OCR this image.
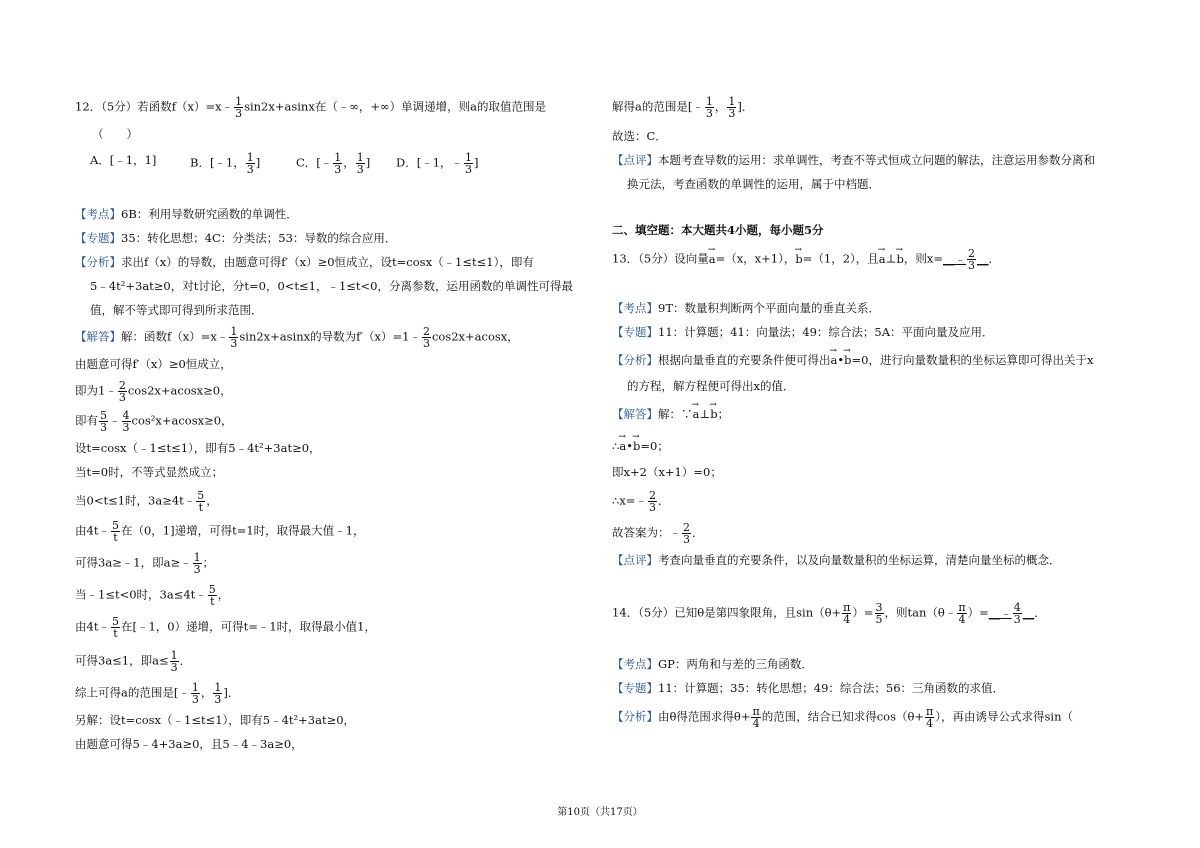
12．（5分）若函数f（x）=x﹣ $\frac{1}{3} \sin 2x+asinx$在（﹣∞，+∞）单调递增，则a的取值范围是
（　　）
A．[﹣1，1]	B．[﹣1， $\frac{1}{3}$ ]	C．[﹣ $\frac{1}{3}$ ， $\frac{1}{3}$ ] D．[﹣1，﹣ $\frac{1}{3}$ ]
【考点】6B：利用导数研究函数的单调性．
【专题】35：转化思想；4C：分类法；53：导数的综合应用．
【分析】求出f（x）的导数，由题意可得f′（x）≥0恒成立，设t=cosx（﹣1≤t≤1），即有
5﹣4t²+3at≥0，对t讨论，分t=0，0<t≤1，﹣1≤t<0，分离参数，运用函数的单调性可得最
值，解不等式即可得到所求范围．
【解答】解：函数f（x）=x﹣ $\frac{1}{3} \sin 2x+asinx$的导数为f′（x）=1﹣ $\frac{2}{3} \cos 2x+acosx$，
由题意可得f′（x）≥0恒成立，
即为1﹣ $\frac{2}{3} \cos 2x+acosx\ge 0$，
即有 $\frac{5}{3}$ ﹣ $\frac{4}{3} \cos^2x+acosx\ge 0$，
设t=cosx（﹣1≤t≤1），即有5﹣4t²+3at≥0，
当t=0时，不等式显然成立；
当0<t≤1时，3a≥4t﹣ $\frac{5}{t}$ ，
由4t﹣ $\frac{5}{t}$ 在（0，1]递增，可得t=1时，取得最大值﹣1，
可得3a≥﹣1，即a≥﹣ $\frac{1}{3}$ ；
当﹣1≤t<0时，3a≤4t﹣ $\frac{5}{t}$ ，
由4t﹣ $\frac{5}{t}$ 在[﹣1，0）递增，可得t=﹣1时，取得最小值1，
可得3a≤1，即$a\le \frac{1}{3}$ ．
综上可得a的范围是[﹣ $\frac{1}{3}$ ， $\frac{1}{3}$ ]．
另解：设t=cosx（﹣1≤t≤1），即有5﹣4t²+3at≥0，
由题意可得5﹣4+3a≥0，且5﹣4﹣3a≥0，
解得a的范围是[﹣ $\frac{1}{3}$ ， $\frac{1}{3}$ ]．
故选：C．
【点评】本题考查导数的运用：求单调性，考查不等式恒成立问题的解法，注意运用参数分离和
换元法，考查函数的单调性的运用，属于中档题．
二、填空题：本大题共4小题，每小题5分
13．（5分）设向量→ a=（x，x+1），→ b=（1，2），且→ a⊥→ b，则x=__﹣ $\frac{2}{3}$ __．
【考点】9T：数量积判断两个平面向量的垂直关系．
【专题】11：计算题；41：向量法；49：综合法；5A：平面向量及应用．
【分析】根据向量垂直的充要条件便可得出→ a•→ b=0，进行向量数量积的坐标运算即可得出关于x
的方程，解方程便可得出x的值．
【解答】解：∵→ a⊥→ b；
∴→ a•→ b=0；
即x+2（x+1）=0；
∴x=﹣ $\frac{2}{3}$ ．
故答案为：﹣ $\frac{2}{3}$ ．
【点评】考查向量垂直的充要条件，以及向量数量积的坐标运算，清楚向量坐标的概念．
14．（5分）已知θ是第四象限角，且$\sin(\theta+ \frac{\pi}{4}$ ）= $\frac{3}{5}$ ，则tan（θ﹣ $\frac{\pi}{4}$ ）=__﹣ $\frac{4}{3}$ __．
【考点】GP：两角和与差的三角函数．
【专题】11：计算题；35：转化思想；49：综合法；56：三角函数的求值．
【分析】由θ得范围求得$\theta+ \frac{\pi}{4}$ 的范围，结合已知求得$\cos(\theta+ \frac{\pi}{4}$ ），再由诱导公式求得sin（
第10页（共17页）
